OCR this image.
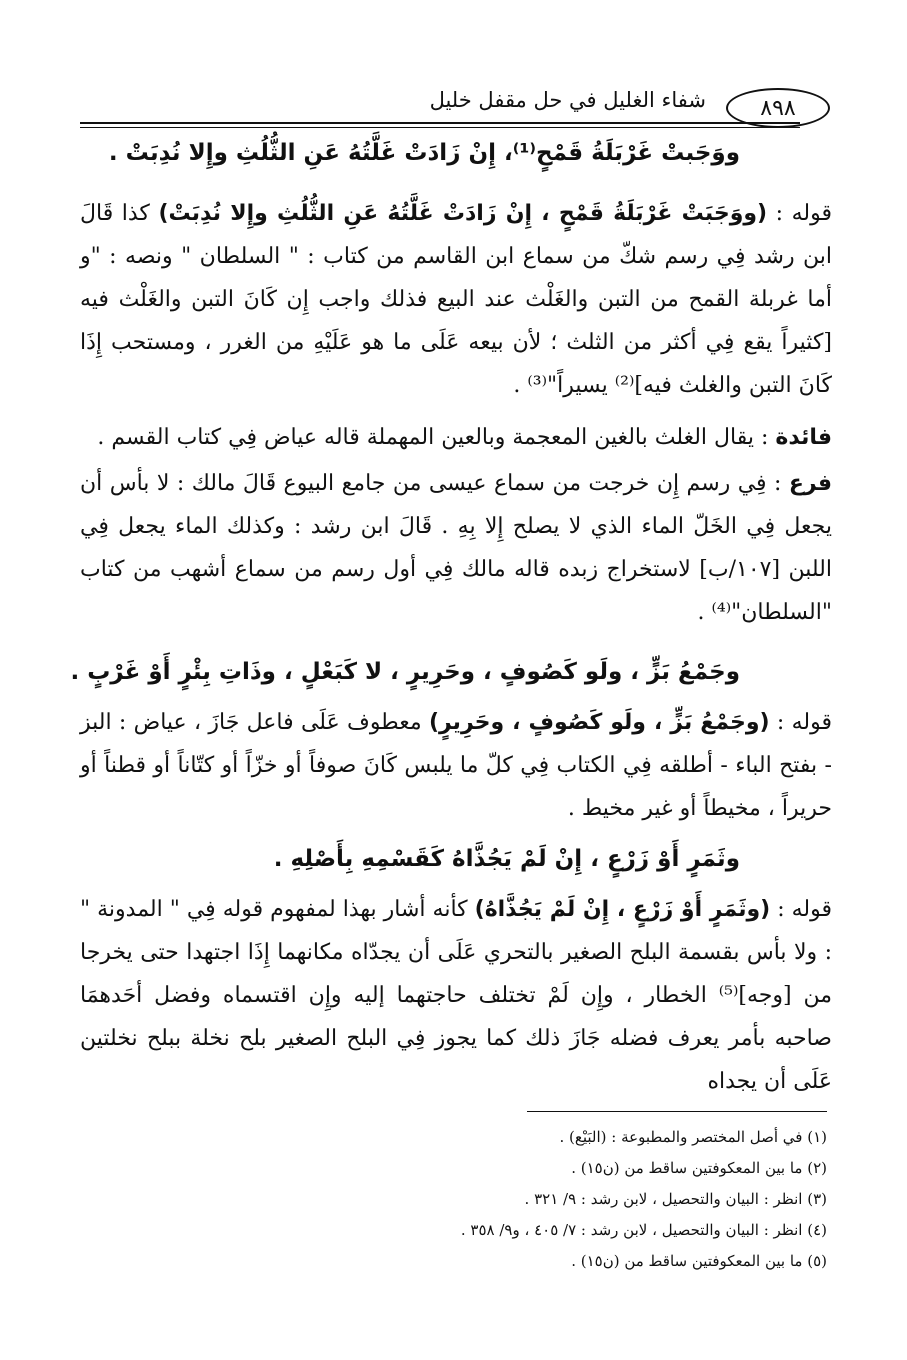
٨٩٨
شفاء الغليل في حل مقفل خليل
ووَجَبتْ غَرْبَلَةُ قَمْحٍ⁽¹⁾، إِنْ زَادَتْ غَلَّتُهُ عَنِ الثُّلُثِ وإِلا نُدِبَتْ .
قوله : (ووَجَبَتْ غَرْبَلَةُ قَمْحٍ ، إِنْ زَادَتْ غَلَّتُهُ عَنِ الثُّلُثِ وإِلا نُدِبَتْ) كذا قَالَ ابن رشد فِي رسم شكّ من سماع ابن القاسم من كتاب : " السلطان " ونصه : "و أما غربلة القمح من التبن والغَلْث عند البيع فذلك واجب إِن كَانَ التبن والغَلْث فيه [كثيراً يقع فِي أكثر من الثلث ؛ لأن بيعه عَلَى ما هو عَلَيْهِ من الغرر ، ومستحب إِذَا كَانَ التبن والغلث فيه]⁽²⁾ يسيراً"⁽³⁾ .
فائدة : يقال الغلث بالغين المعجمة وبالعين المهملة قاله عياض فِي كتاب القسم .
فرع : فِي رسم إِن خرجت من سماع عيسى من جامع البيوع قَالَ مالك : لا بأس أن يجعل فِي الخَلّ الماء الذي لا يصلح إِلا بِهِ . قَالَ ابن رشد : وكذلك الماء يجعل فِي اللبن [١٠٧/ب] لاستخراج زبده قاله مالك فِي أول رسم من سماع أشهب من كتاب "السلطان"⁽⁴⁾ .
وجَمْعُ بَزٍّ ، ولَو كَصُوفٍ ، وحَرِيرٍ ، لا كَبَعْلٍ ، وذَاتِ بِئْرٍ أَوْ غَرْبٍ .
قوله : (وجَمْعُ بَزٍّ ، ولَو كَصُوفٍ ، وحَرِيرٍ) معطوف عَلَى فاعل جَازَ ، عياض : البز - بفتح الباء - أطلقه فِي الكتاب فِي كلّ ما يلبس كَانَ صوفاً أو خزّاً أو كتّاناً أو قطناً أو حريراً ، مخيطاً أو غير مخيط .
وثَمَرٍ أَوْ زَرْعٍ ، إِنْ لَمْ يَجُذَّاهُ كَقَسْمِهِ بِأَصْلِهِ .
قوله : (وثَمَرٍ أَوْ زَرْعٍ ، إِنْ لَمْ يَجُذَّاهُ) كأنه أشار بهذا لمفهوم قوله فِي " المدونة " : ولا بأس بقسمة البلح الصغير بالتحري عَلَى أن يجدّاه مكانهما إِذَا اجتهدا حتى يخرجا من [وجه]⁽⁵⁾ الخطار ، وإِن لَمْ تختلف حاجتهما إليه وإِن اقتسماه وفضل أحَدهمَا صاحبه بأمر يعرف فضله جَازَ ذلك كما يجوز فِي البلح الصغير بلح نخلة ببلح نخلتين عَلَى أن يجداه
(١) في أصل المختصر والمطبوعة : (البَيْع) .
(٢) ما بين المعكوفتين ساقط من (ن١٥) .
(٣) انظر : البيان والتحصيل ، لابن رشد : ٩/ ٣٢١ .
(٤) انظر : البيان والتحصيل ، لابن رشد : ٧/ ٤٠٥ ، و٩/ ٣٥٨ .
(٥) ما بين المعكوفتين ساقط من (ن١٥) .
